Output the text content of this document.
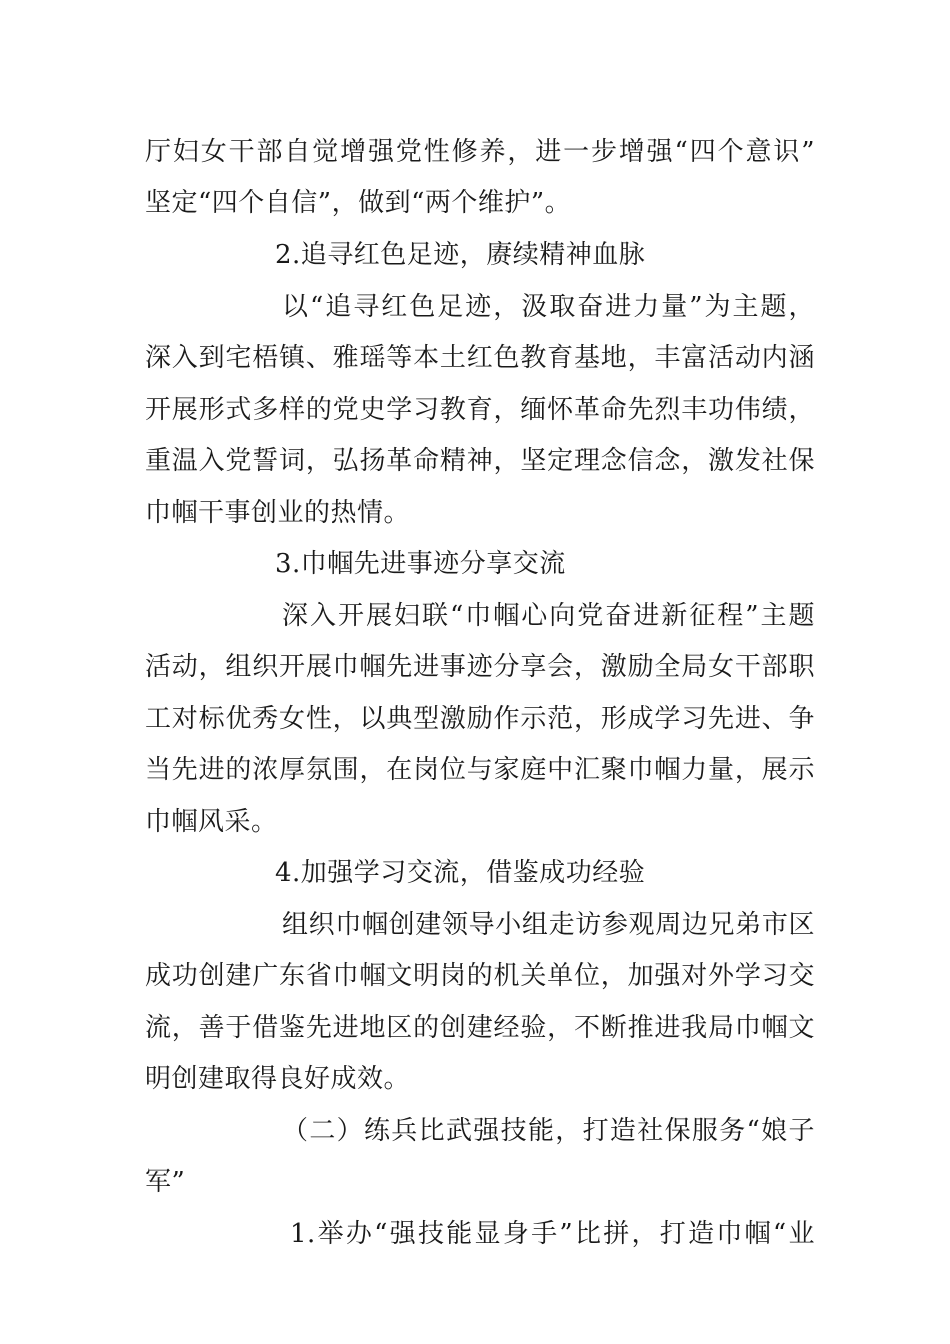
厅妇女干部自觉增强党性修养，进一步增强“四个意识”
坚定“四个自信”，做到“两个维护”。
2.追寻红色足迹，赓续精神血脉
以“追寻红色足迹，汲取奋进力量”为主题，
深入到宅梧镇、雅瑶等本土红色教育基地，丰富活动内涵
开展形式多样的党史学习教育，缅怀革命先烈丰功伟绩，
重温入党誓词，弘扬革命精神，坚定理念信念，激发社保
巾帼干事创业的热情。
3.巾帼先进事迹分享交流
深入开展妇联“巾帼心向党奋进新征程”主题
活动，组织开展巾帼先进事迹分享会，激励全局女干部职
工对标优秀女性，以典型激励作示范，形成学习先进、争
当先进的浓厚氛围，在岗位与家庭中汇聚巾帼力量，展示
巾帼风采。
4.加强学习交流，借鉴成功经验
组织巾帼创建领导小组走访参观周边兄弟市区
成功创建广东省巾帼文明岗的机关单位，加强对外学习交
流，善于借鉴先进地区的创建经验，不断推进我局巾帼文
明创建取得良好成效。
（二）练兵比武强技能，打造社保服务“娘子
军”
1.举办“强技能显身手”比拼，打造巾帼“业
